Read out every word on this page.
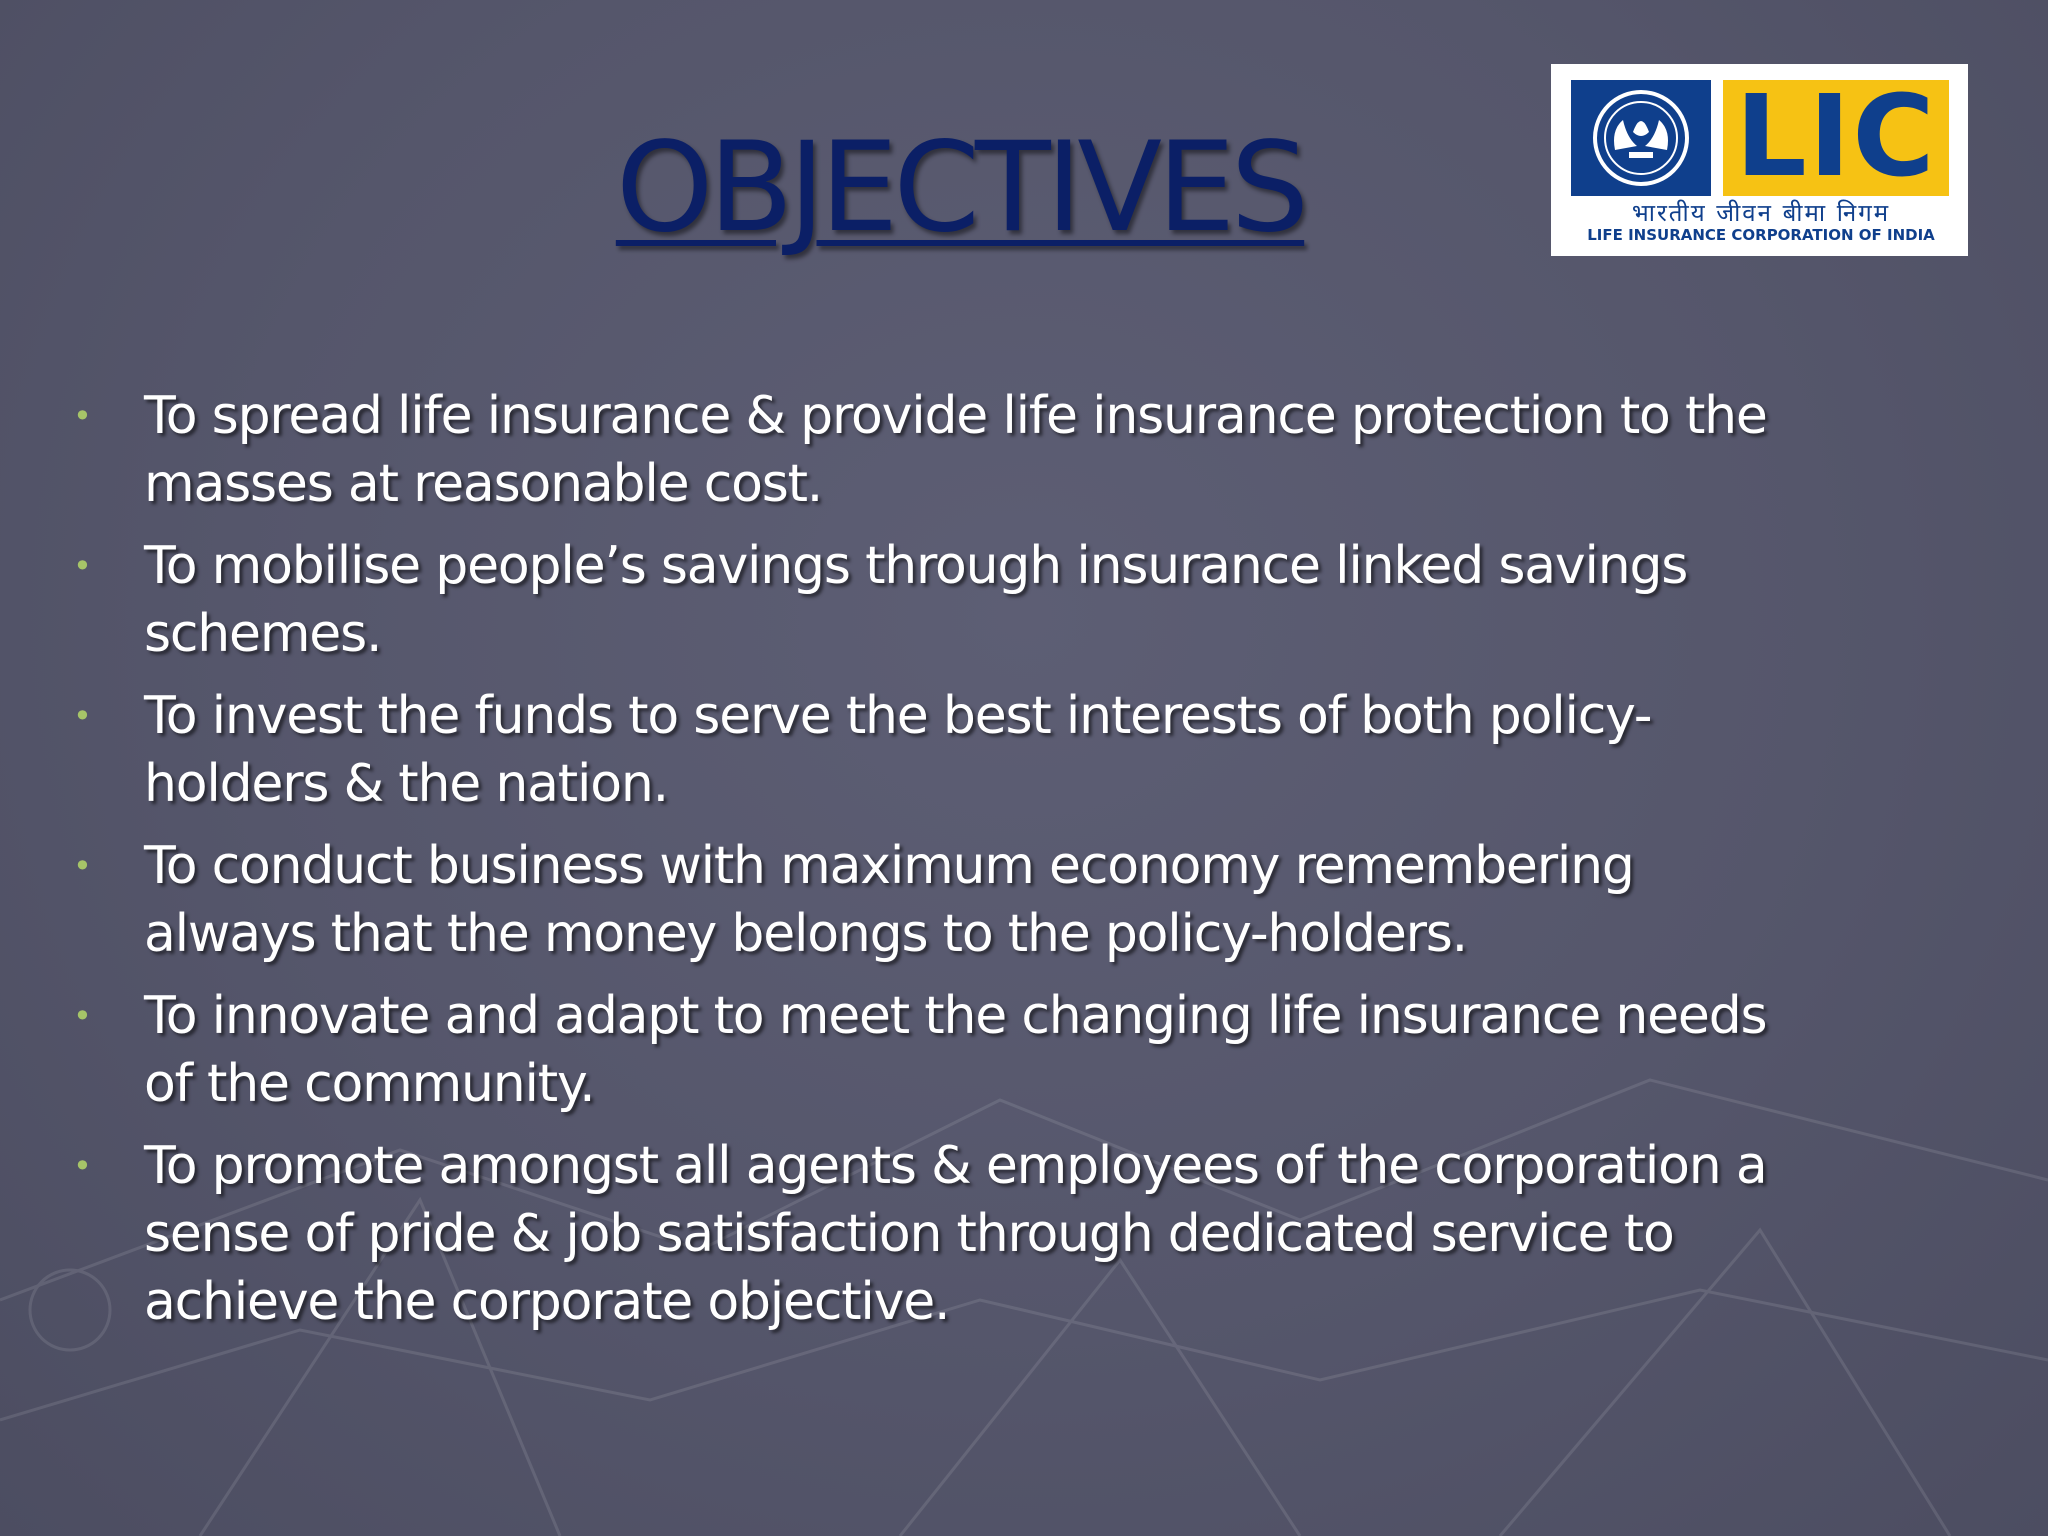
OBJECTIVES	LIC
भारतीय जीवन बीमा निगम
LIFE INSURANCE CORPORATION OF INDIA
• To spread life insurance & provide life insurance protection to the masses at reasonable cost.
• To mobilise people’s savings through insurance linked savings schemes.
• To invest the funds to serve the best interests of both policy-holders & the nation.
• To conduct business with maximum economy remembering always that the money belongs to the policy-holders.
• To innovate and adapt to meet the changing life insurance needs of the community.
• To promote amongst all agents & employees of the corporation a sense of pride & job satisfaction through dedicated service to achieve the corporate objective.
